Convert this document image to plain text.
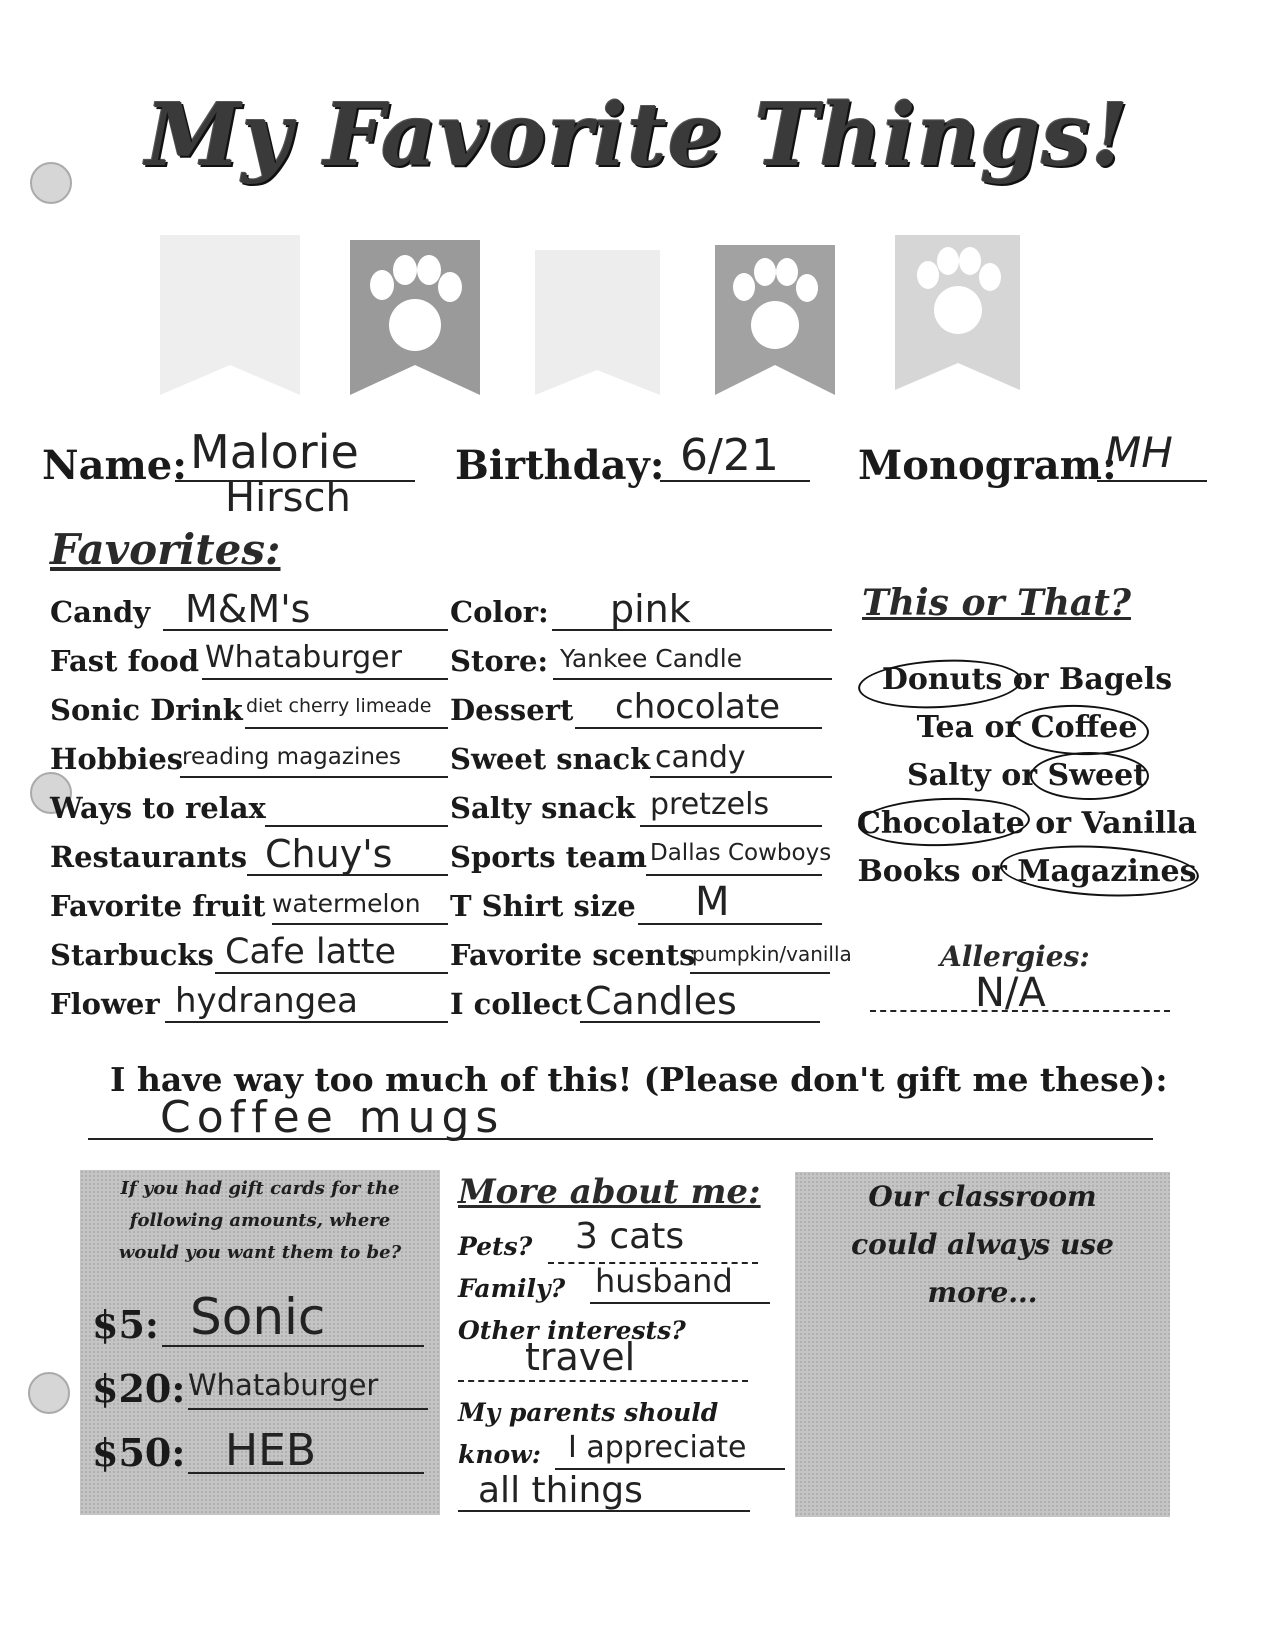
My Favorite Things!
Name: Malorie
Hirsch
Birthday: 6/21 Monogram:
MH
Favorites:
Candy M&M's
Fast food Whataburger
Sonic Drink diet cherry limeade
Hobbies
reading magazines
Ways to relax
Restaurants Chuy's
Favorite fruit watermelon
Starbucks Cafe latte
Flower hydrangea
Color: pink
Store: Yankee Candle
Dessert chocolate
Sweet snack candy
Salty snack pretzels
Sports team Dallas Cowboys
T Shirt size M
Favorite scents
pumpkin/vanilla
I collect Candles
This or That?
Donuts or Bagels
Tea or Coffee
Salty or Sweet
Chocolate or Vanilla
Books or Magazines
Allergies:
N/A
I have way too much of this! (Please don't gift me these):
Coffee mugs
If you had gift cards for the
following amounts, where
would you want them to be?
$5: Sonic
$20: Whataburger
$50: HEB
More about me:
Pets? 3 cats
Family? husband
Other interests?
travel
My parents should
know: I appreciate
all things
Our classroom
could always use
more...
